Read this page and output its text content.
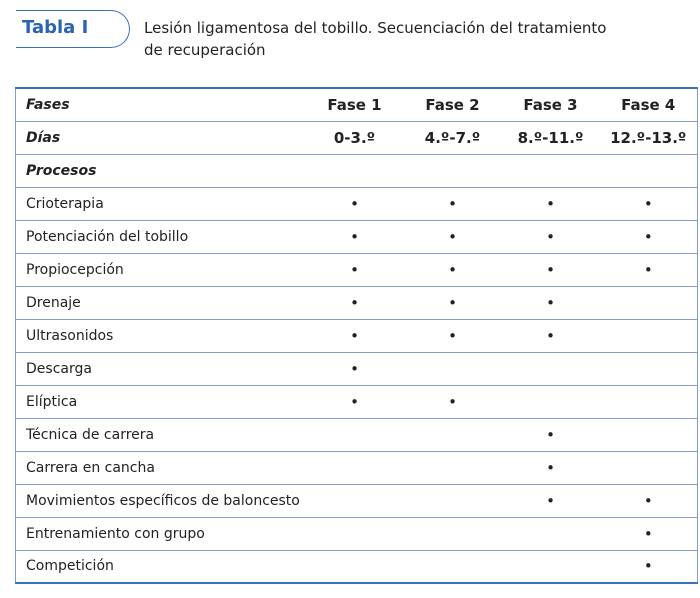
Tabla I	Lesión ligamentosa del tobillo. Secuenciación del tratamiento
de recuperación
Fases	Fase 1	Fase 2	Fase 3	Fase 4
Días	0-3.º	4.º-7.º	8.º-11.º	12.º-13.º
Procesos				
Crioterapia	•	•	•	•
Potenciación del tobillo	•	•	•	•
Propiocepción	•	•	•	•
Drenaje	•	•	•	
Ultrasonidos	•	•	•	
Descarga	•			
Elíptica	•	•		
Técnica de carrera			•	
Carrera en cancha			•	
Movimientos específicos de baloncesto			•	•
Entrenamiento con grupo				•
Competición				•
